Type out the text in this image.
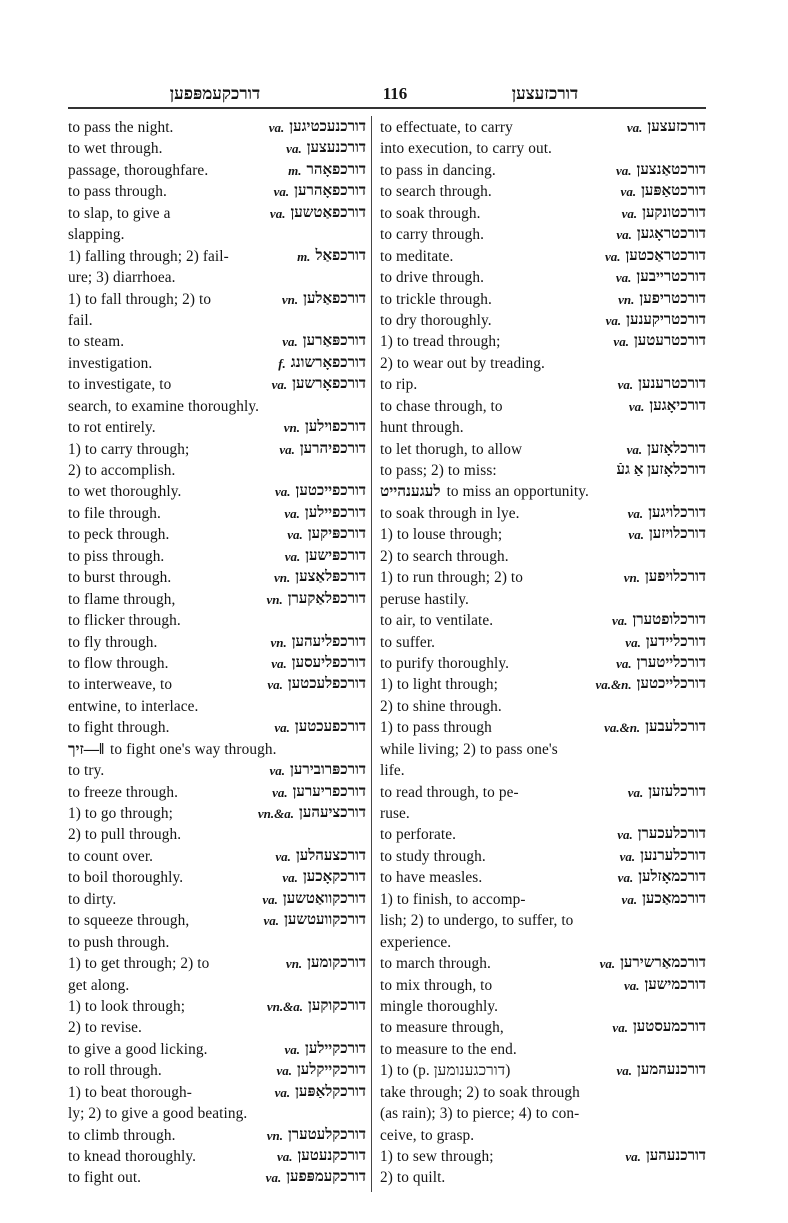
דורכקעמפּפען	116	דורכזעצען
to pass the night.	va. דורכנעכטיגען
to wet through.	va. דורכנעצען
passage, thoroughfare.	m. דורכפאָהר
to pass through.	va. דורכפאָהרען
to slap, to give a	va. דורכפאַטשען
slapping.
1) falling through; 2) fail-	m. דורכפאַל
ure; 3) diarrhoea.
1) to fall through; 2) to	vn. דורכפאַלען
fail.
to steam.	va. דורכפּאַרען
investigation.	f. דורכפאָרשונג
to investigate, to	va. דורכפאָרשען
search, to examine thoroughly.
to rot entirely.	vn. דורכפוילען
1) to carry through;	va. דורכפיהרען
2) to accomplish.
to wet thoroughly.	va. דורכפייכטען
to file through.	va. דורכפיילען
to peck through.	va. דורכפּיקען
to piss through.	va. דורכפּישען
to burst through.	vn. דורכפּלאַצען
to flame through,	vn. דורכפלאַקערן
to flicker through.
to fly through.	vn. דורכפליעהען
to flow through.	va. דורכפליעסען
to interweave, to	va. דורכפלעכטען
entwine, to interlace.
to fight through.	va. דורכפעכטען
‖—זיך to fight one's way through.
to try.	va. דורכפּרובירען
to freeze through.	va. דורכפריערען
1) to go through;	vn.&a. דורכציעהען
2) to pull through.
to count over.	va. דורכצעהלען
to boil thoroughly.	va. דורכקאָכען
to dirty.	va. דורכקוואַטשען
to squeeze through,	va. דורכקוועטשען
to push through.
1) to get through; 2) to	vn. דורכקומען
get along.
1) to look through;	vn.&a. דורכקוקען
2) to revise.
to give a good licking.	va. דורכקיילען
to roll through.	va. דורכקייקלען
1) to beat thorough-	va. דורכקלאַפּען
ly; 2) to give a good beating.
to climb through.	vn. דורכקלעטערן
to knead thoroughly.	va. דורכקנעטען
to fight out.	va. דורכקעמפּפען
to effectuate, to carry	va. דורכזעצען
into execution, to carry out.
to pass in dancing.	va. דורכטאַנצען
to search through.	va. דורכטאַפּען
to soak through.	va. דורכטונקען
to carry through.	va. דורכטראָגען
to meditate.	va. דורכטראַכטען
to drive through.	va. דורכטרייבען
to trickle through.	vn. דורכטריפען
to dry thoroughly.	va. דורכטריקענען
1) to tread through;	va. דורכטרעטען
2) to wear out by treading.
to rip.	va. דורכטרענען
to chase through, to	va. דורכיאָגען
hunt through.
to let thorugh, to allow	va. דורכלאָזען
to pass; 2) to miss:	דורכלאָזען אַ געֿ
לעגענהייט to miss an opportunity.
to soak through in lye.	va. דורכלויגען
1) to louse through;	va. דורכלויזען
2) to search through.
1) to run through; 2) to	vn. דורכלויפען
peruse hastily.
to air, to ventilate.	va. דורכלופטערן
to suffer.	va. דורכליידען
to purify thoroughly.	va. דורכלייטערן
1) to light through;	va.&n. דורכלייכטען
2) to shine through.
1) to pass through	va.&n. דורכלעבען
while living; 2) to pass one's
life.
to read through, to pe-	va. דורכלעזען
ruse.
to perforate.	va. דורכלעכערן
to study through.	va. דורכלערנען
to have measles.	va. דורכמאָזלען
1) to finish, to accomp-	va. דורכמאַכען
lish; 2) to undergo, to suffer, to
experience.
to march through.	va. דורכמאַרשירען
to mix through, to	va. דורכמישען
mingle thoroughly.
to measure through,	va. דורכמעסטען
to measure to the end.
1) to (p. דורכגענומען)	va. דורכנעהמען
take through; 2) to soak through
(as rain); 3) to pierce; 4) to con-
ceive, to grasp.
1) to sew through;	va. דורכנעהען
2) to quilt.
